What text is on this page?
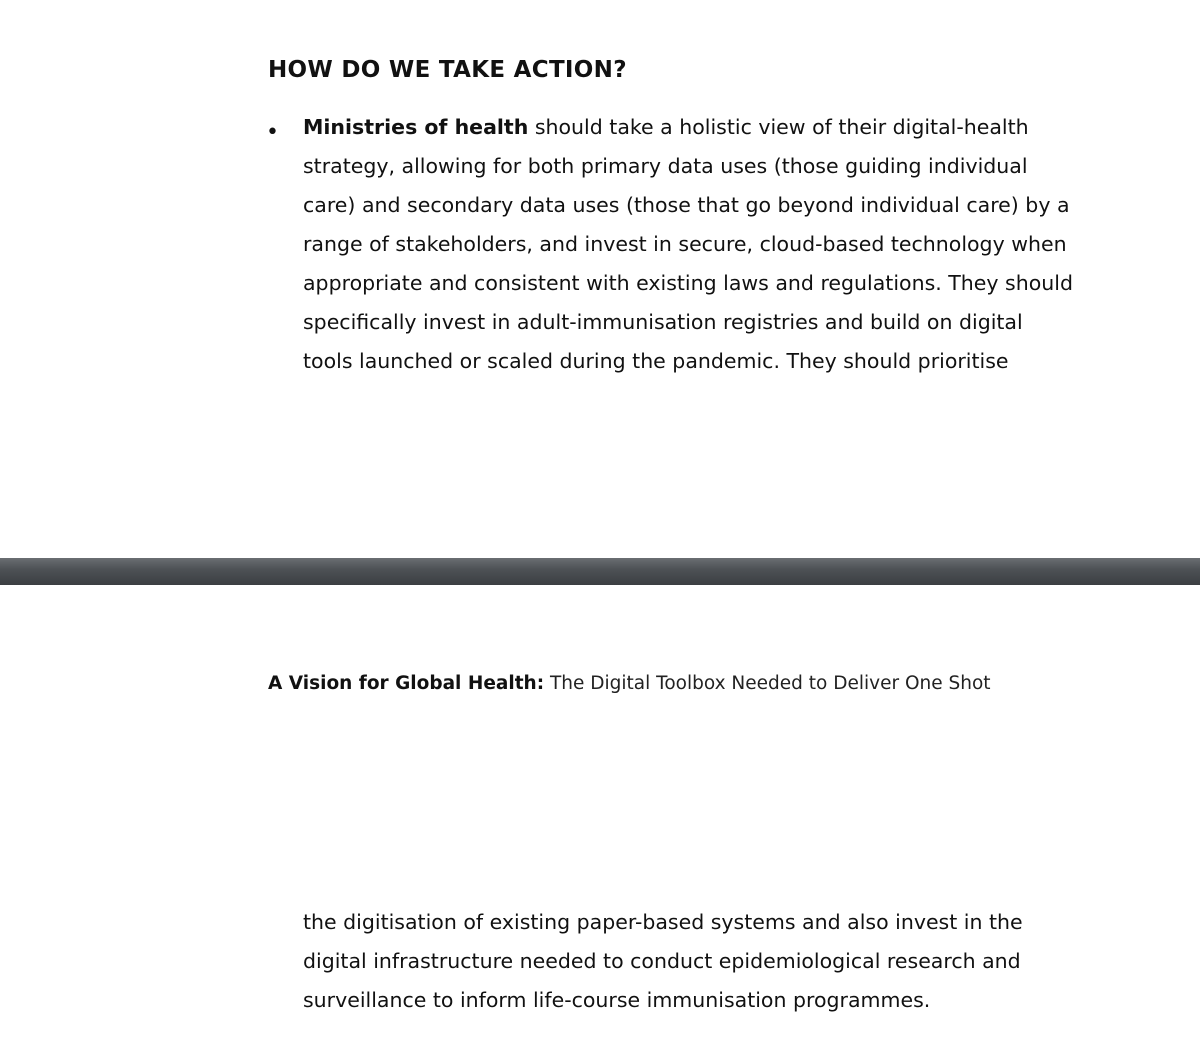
HOW DO WE TAKE ACTION?
• Ministries of health should take a holistic view of their digital-health
strategy, allowing for both primary data uses (those guiding individual
care) and secondary data uses (those that go beyond individual care) by a
range of stakeholders, and invest in secure, cloud-based technology when
appropriate and consistent with existing laws and regulations. They should
specifically invest in adult-immunisation registries and build on digital
tools launched or scaled during the pandemic. They should prioritise

A Vision for Global Health: The Digital Toolbox Needed to Deliver One Shot

the digitisation of existing paper-based systems and also invest in the
digital infrastructure needed to conduct epidemiological research and
surveillance to inform life-course immunisation programmes.
